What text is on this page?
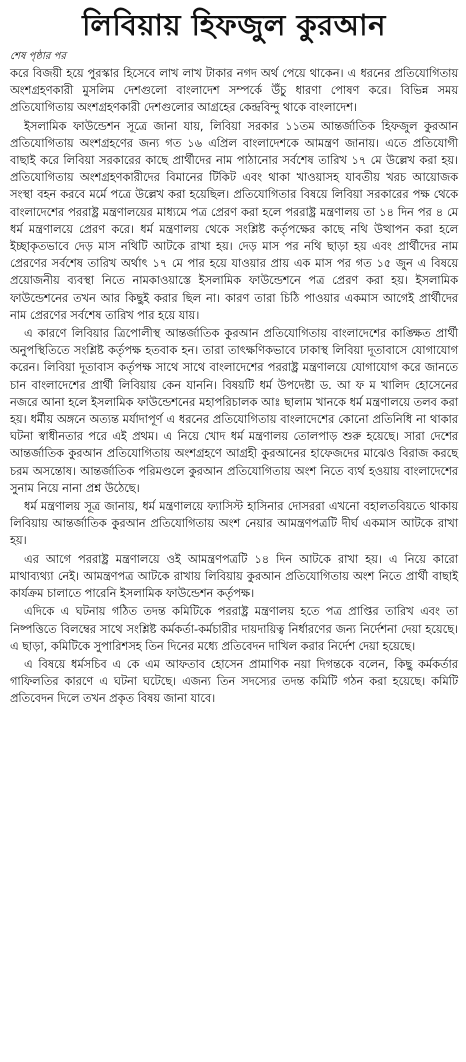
লিবিয়ায় হিফজুল কুরআন
শেষ পৃষ্ঠার পর

করে বিজয়ী হয়ে পুরস্কার হিসেবে লাখ লাখ টাকার নগদ অর্থ পেয়ে থাকেন। এ ধরনের প্রতিযোগিতায় অংশগ্রহণকারী মুসলিম দেশগুলো বাংলাদেশ সম্পর্কে উঁচু ধারণা পোষণ করে। বিভিন্ন সময় প্রতিযোগিতায় অংশগ্রহণকারী দেশগুলোর আগ্রহের কেন্দ্রবিন্দু থাকে বাংলাদেশ।

ইসলামিক ফাউন্ডেশন সূত্রে জানা যায়, লিবিয়া সরকার ১১তম আন্তর্জাতিক হিফজুল কুরআন প্রতিযোগিতায় অংশগ্রহণের জন্য গত ১৬ এপ্রিল বাংলাদেশকে আমন্ত্রণ জানায়। এতে প্রতিযোগী বাছাই করে লিবিয়া সরকারের কাছে প্রার্থীদের নাম পাঠানোর সর্বশেষ তারিখ ১৭ মে উল্লেখ করা হয়। প্রতিযোগিতায় অংশগ্রহণকারীদের বিমানের টিকিট এবং থাকা খাওয়াসহ যাবতীয় খরচ আয়োজক সংস্থা বহন করবে মর্মে পত্রে উল্লেখ করা হয়েছিল। প্রতিযোগিতার বিষয়ে লিবিয়া সরকারের পক্ষ থেকে বাংলাদেশের পররাষ্ট্র মন্ত্রণালয়ের মাধ্যমে পত্র প্রেরণ করা হলে পররাষ্ট্র মন্ত্রণালয় তা ১৪ দিন পর ৪ মে ধর্ম মন্ত্রণালয়ে প্রেরণ করে। ধর্ম মন্ত্রণালয় থেকে সংশ্লিষ্ট কর্তৃপক্ষের কাছে নথি উত্থাপন করা হলে ইচ্ছাকৃতভাবে দেড় মাস নথিটি আটকে রাখা হয়। দেড় মাস পর নথি ছাড়া হয় এবং প্রার্থীদের নাম প্রেরণের সর্বশেষ তারিখ অর্থাৎ ১৭ মে পার হয়ে যাওয়ার প্রায় এক মাস পর গত ১৫ জুন এ বিষয়ে প্রয়োজনীয় ব্যবস্থা নিতে নামকাওয়াস্তে ইসলামিক ফাউন্ডেশনে পত্র প্রেরণ করা হয়। ইসলামিক ফাউন্ডেশনের তখন আর কিছুই করার ছিল না। কারণ তারা চিঠি পাওয়ার একমাস আগেই প্রার্থীদের নাম প্রেরণের সর্বশেষ তারিখ পার হয়ে যায়।

এ কারণে লিবিয়ার ত্রিপোলীস্থ আন্তর্জাতিক কুরআন প্রতিযোগিতায় বাংলাদেশের কাঙ্ক্ষিত প্রার্থী অনুপস্থিতিতে সংশ্লিষ্ট কর্তৃপক্ষ হতবাক হন। তারা তাৎক্ষণিকভাবে ঢাকাস্থ লিবিয়া দূতাবাসে যোগাযোগ করেন। লিবিয়া দূতাবাস কর্তৃপক্ষ সাথে সাথে বাংলাদেশের পররাষ্ট্র মন্ত্রণালয়ে যোগাযোগ করে জানতে চান বাংলাদেশের প্রার্থী লিবিয়ায় কেন যাননি। বিষয়টি ধর্ম উপদেষ্টা ড. আ ফ ম খালিদ হোসেনের নজরে আনা হলে ইসলামিক ফাউন্ডেশনের মহাপরিচালক আঃ ছালাম খানকে ধর্ম মন্ত্রণালয়ে তলব করা হয়। ধর্মীয় অঙ্গনে অত্যন্ত মর্যাদাপূর্ণ এ ধরনের প্রতিযোগিতায় বাংলাদেশের কোনো প্রতিনিধি না থাকার ঘটনা স্বাধীনতার পরে এই প্রথম। এ নিয়ে খোদ ধর্ম মন্ত্রণালয় তোলপাড় শুরু হয়েছে। সারা দেশের আন্তর্জাতিক কুরআন প্রতিযোগিতায় অংশগ্রহণে আগ্রহী কুরআনের হাফেজদের মাঝেও বিরাজ করছে চরম অসন্তোষ। আন্তর্জাতিক পরিমণ্ডলে কুরআন প্রতিযোগিতায় অংশ নিতে ব্যর্থ হওয়ায় বাংলাদেশের সুনাম নিয়ে নানা প্রশ্ন উঠেছে।

ধর্ম মন্ত্রণালয় সূত্র জানায়, ধর্ম মন্ত্রণালয়ে ফ্যাসিস্ট হাসিনার দোসররা এখনো বহালতবিয়তে থাকায় লিবিয়ায় আন্তর্জাতিক কুরআন প্রতিযোগিতায় অংশ নেয়ার আমন্ত্রণপত্রটি দীর্ঘ একমাস আটকে রাখা হয়।

এর আগে পররাষ্ট্র মন্ত্রণালয়ে ওই আমন্ত্রণপত্রটি ১৪ দিন আটকে রাখা হয়। এ নিয়ে কারো মাথাব্যথ্যা নেই। আমন্ত্রণপত্র আটকে রাখায় লিবিয়ায় কুরআন প্রতিযোগিতায় অংশ নিতে প্রার্থী বাছাই কার্যক্রম চালাতে পারেনি ইসলামিক ফাউন্ডেশন কর্তৃপক্ষ।

এদিকে এ ঘটনায় গঠিত তদন্ত কমিটিকে পররাষ্ট্র মন্ত্রণালয় হতে পত্র প্রাপ্তির তারিখ এবং তা নিষ্পত্তিতে বিলম্বের সাথে সংশ্লিষ্ট কর্মকর্তা-কর্মচারীর দায়দায়িত্ব নির্ধারণের জন্য নির্দেশনা দেয়া হয়েছে। এ ছাড়া, কমিটিকে সুপারিশসহ তিন দিনের মধ্যে প্রতিবেদন দাখিল করার নির্দেশ দেয়া হয়েছে।

এ বিষয়ে ধর্মসচিব এ কে এম আফতাব হোসেন প্রামাণিক নয়া দিগন্তকে বলেন, কিছু কর্মকর্তার গাফিলতির কারণে এ ঘটনা ঘটেছে। এজন্য তিন সদস্যের তদন্ত কমিটি গঠন করা হয়েছে। কমিটি প্রতিবেদন দিলে তখন প্রকৃত বিষয় জানা যাবে।
